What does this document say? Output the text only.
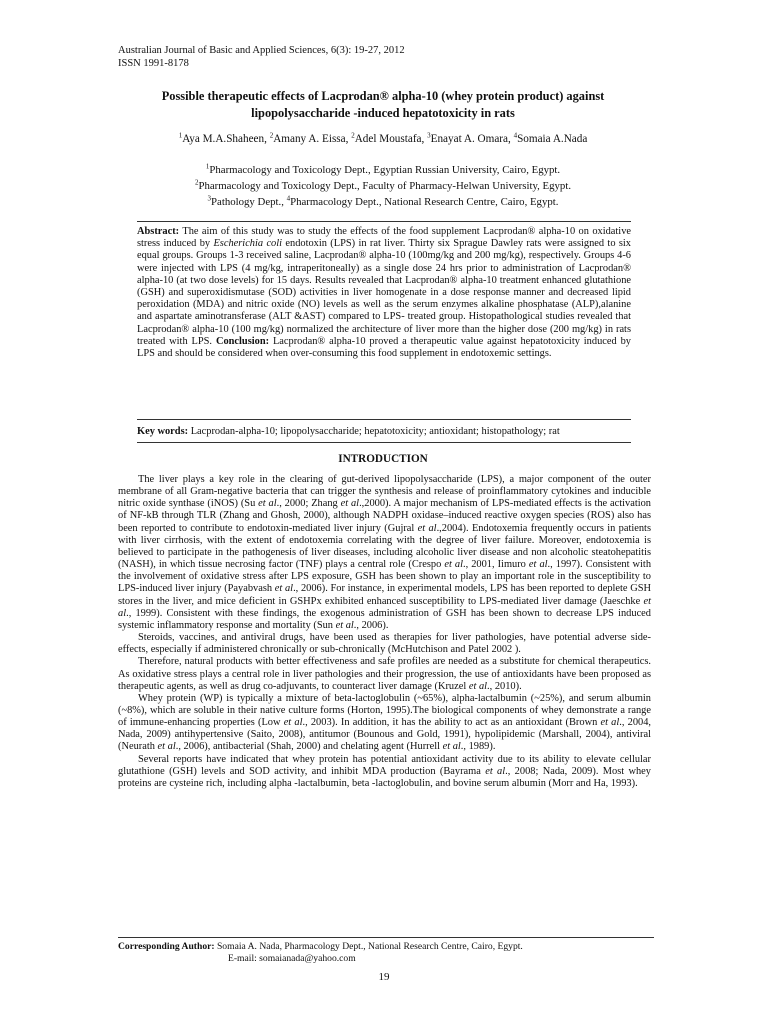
Australian Journal of Basic and Applied Sciences, 6(3): 19-27, 2012
ISSN 1991-8178
Possible therapeutic effects of Lacprodan® alpha-10 (whey protein product) against
lipopolysaccharide -induced hepatotoxicity in rats
$^1$Aya M.A.Shaheen, $^2$Amany A. Eissa, $^2$Adel Moustafa, $^3$Enayat A. Omara, $^4$Somaia A.Nada
$^1$Pharmacology and Toxicology Dept., Egyptian Russian University, Cairo, Egypt.
$^2$Pharmacology and Toxicology Dept., Faculty of Pharmacy-Helwan University, Egypt.
$^3$Pathology Dept., $^4$Pharmacology Dept., National Research Centre, Cairo, Egypt.
Abstract: The aim of this study was to study the effects of the food supplement Lacprodan® alpha-10 on oxidative stress induced by Escherichia coli endotoxin (LPS) in rat liver. Thirty six Sprague Dawley rats were assigned to six equal groups. Groups 1-3 received saline, Lacprodan® alpha-10 (100mg/kg and 200 mg/kg), respectively. Groups 4-6 were injected with LPS (4 mg/kg, intraperitoneally) as a single dose 24 hrs prior to administration of Lacprodan® alpha-10 (at two dose levels) for 15 days. Results revealed that Lacprodan® alpha-10 treatment enhanced glutathione (GSH) and superoxidismutase (SOD) activities in liver homogenate in a dose response manner and decreased lipid peroxidation (MDA) and nitric oxide (NO) levels as well as the serum enzymes alkaline phosphatase (ALP),alanine and aspartate aminotransferase (ALT &AST) compared to LPS- treated group. Histopathological studies revealed that Lacprodan® alpha-10 (100 mg/kg) normalized the architecture of liver more than the higher dose (200 mg/kg) in rats treated with LPS. Conclusion: Lacprodan® alpha-10 proved a therapeutic value against hepatotoxicity induced by LPS and should be considered when over-consuming this food supplement in endotoxemic settings.
Key words: Lacprodan-alpha-10; lipopolysaccharide; hepatotoxicity; antioxidant; histopathology; rat
INTRODUCTION

The liver plays a key role in the clearing of gut-derived lipopolysaccharide (LPS), a major component of the outer membrane of all Gram-negative bacteria that can trigger the synthesis and release of proinflammatory cytokines and inducible nitric oxide synthase (iNOS) (Su et al., 2000; Zhang et al.,2000). A major mechanism of LPS-mediated effects is the activation of NF-kB through TLR (Zhang and Ghosh, 2000), although NADPH oxidase–induced reactive oxygen species (ROS) also has been reported to contribute to endotoxin-mediated liver injury (Gujral et al.,2004). Endotoxemia frequently occurs in patients with liver cirrhosis, with the extent of endotoxemia correlating with the degree of liver failure. Moreover, endotoxemia is believed to participate in the pathogenesis of liver diseases, including alcoholic liver disease and non alcoholic steatohepatitis (NASH), in which tissue necrosing factor (TNF) plays a central role (Crespo et al., 2001, Iimuro et al., 1997). Consistent with the involvement of oxidative stress after LPS exposure, GSH has been shown to play an important role in the susceptibility to LPS-induced liver injury (Payabvash et al., 2006). For instance, in experimental models, LPS has been reported to deplete GSH stores in the liver, and mice deficient in GSHPx exhibited enhanced susceptibility to LPS-mediated liver damage (Jaeschke et al., 1999). Consistent with these findings, the exogenous administration of GSH has been shown to decrease LPS induced systemic inflammatory response and mortality (Sun et al., 2006).

Steroids, vaccines, and antiviral drugs, have been used as therapies for liver pathologies, have potential adverse side-effects, especially if administered chronically or sub-chronically (McHutchison and Patel 2002 ).

Therefore, natural products with better effectiveness and safe profiles are needed as a substitute for chemical therapeutics. As oxidative stress plays a central role in liver pathologies and their progression, the use of antioxidants have been proposed as therapeutic agents, as well as drug co-adjuvants, to counteract liver damage (Kruzel et al., 2010).

Whey protein (WP) is typically a mixture of beta-lactoglobulin (~65%), alpha-lactalbumin (~25%), and serum albumin (~8%), which are soluble in their native culture forms (Horton, 1995).The biological components of whey demonstrate a range of immune-enhancing properties (Low et al., 2003). In addition, it has the ability to act as an antioxidant (Brown et al., 2004, Nada, 2009) antihypertensive (Saito, 2008), antitumor (Bounous and Gold, 1991), hypolipidemic (Marshall, 2004), antiviral (Neurath et al., 2006), antibacterial (Shah, 2000) and chelating agent (Hurrell et al., 1989).

Several reports have indicated that whey protein has potential antioxidant activity due to its ability to elevate cellular glutathione (GSH) levels and SOD activity, and inhibit MDA production (Bayrama et al., 2008; Nada, 2009). Most whey proteins are cysteine rich, including alpha -lactalbumin, beta -lactoglobulin, and bovine serum albumin (Morr and Ha, 1993).

Corresponding Author: Somaia A. Nada, Pharmacology Dept., National Research Centre, Cairo, Egypt.
E-mail: somaianada@yahoo.com
19
